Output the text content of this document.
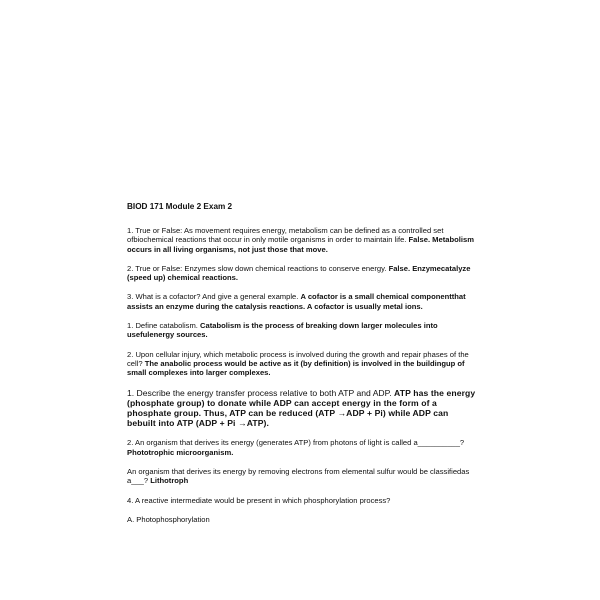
BIOD 171 Module 2 Exam 2

1. True or False: As movement requires energy, metabolism can be defined as a controlled set ofbiochemical reactions that occur in only motile organisms in order to maintain life. False. Metabolism occurs in all living organisms, not just those that move.

2. True or False: Enzymes slow down chemical reactions to conserve energy. False. Enzymecatalyze (speed up) chemical reactions.

3. What is a cofactor? And give a general example. A cofactor is a small chemical componentthat assists an enzyme during the catalysis reactions. A cofactor is usually metal ions.

1. Define catabolism. Catabolism is the process of breaking down larger molecules into usefulenergy sources.

2. Upon cellular injury, which metabolic process is involved during the growth and repair phases of the cell? The anabolic process would be active as it (by definition) is involved in the buildingup of small complexes into larger complexes.

1. Describe the energy transfer process relative to both ATP and ADP. ATP has the energy (phosphate group) to donate while ADP can accept energy in the form of a phosphate group. Thus, ATP can be reduced (ATP →ADP + Pi) while ADP can bebuilt into ATP (ADP + Pi →ATP).

2. An organism that derives its energy (generates ATP) from photons of light is called a__________? Phototrophic microorganism.

An organism that derives its energy by removing electrons from elemental sulfur would be classifiedas a___? Lithotroph

4. A reactive intermediate would be present in which phosphorylation process?

A. Photophosphorylation
